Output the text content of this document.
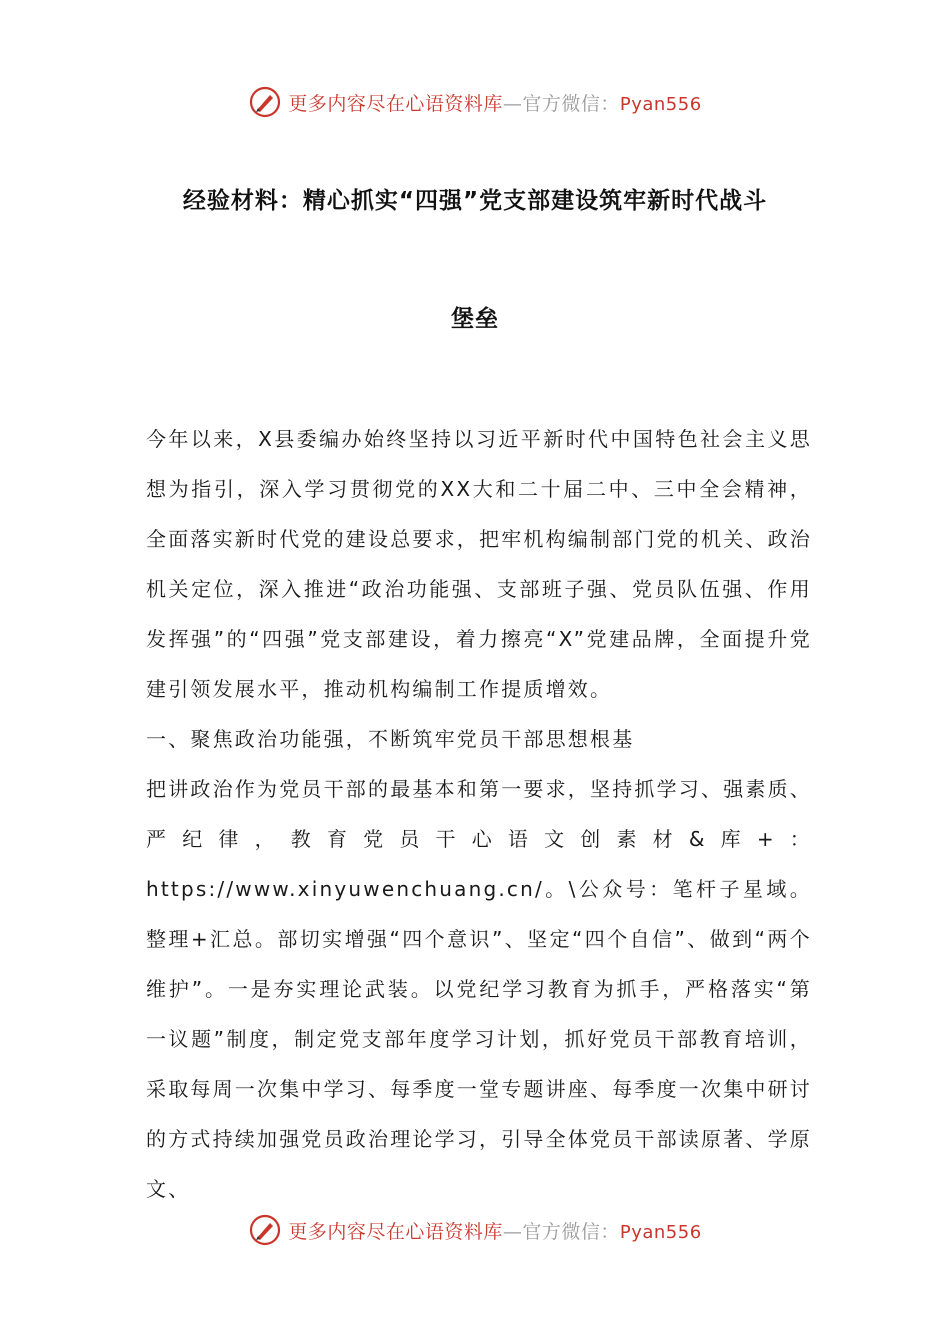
更多内容尽在心语资料库—官方微信：Pyan556
经验材料：精心抓实“四强”党支部建设筑牢新时代战斗
堡垒

今年以来，X县委编办始终坚持以习近平新时代中国特色社会主义思想为指引，深入学习贯彻党的XX大和二十届二中、三中全会精神，全面落实新时代党的建设总要求，把牢机构编制部门党的机关、政治机关定位，深入推进“政治功能强、支部班子强、党员队伍强、作用发挥强”的“四强”党支部建设，着力擦亮“X”党建品牌，全面提升党建引领发展水平，推动机构编制工作提质增效。

一、聚焦政治功能强，不断筑牢党员干部思想根基

把讲政治作为党员干部的最基本和第一要求，坚持抓学习、强素质、严纪律，教育党员干心语文创素材&库+：https://www.xinyuwenchuang.cn/。\公众号：笔杆子星域。整理+汇总。部切实增强“四个意识”、坚定“四个自信”、做到“两个维护”。一是夯实理论武装。以党纪学习教育为抓手，严格落实“第一议题”制度，制定党支部年度学习计划，抓好党员干部教育培训，采取每周一次集中学习、每季度一堂专题讲座、每季度一次集中研讨的方式持续加强党员政治理论学习，引导全体党员干部读原著、学原文、

更多内容尽在心语资料库—官方微信：Pyan556
